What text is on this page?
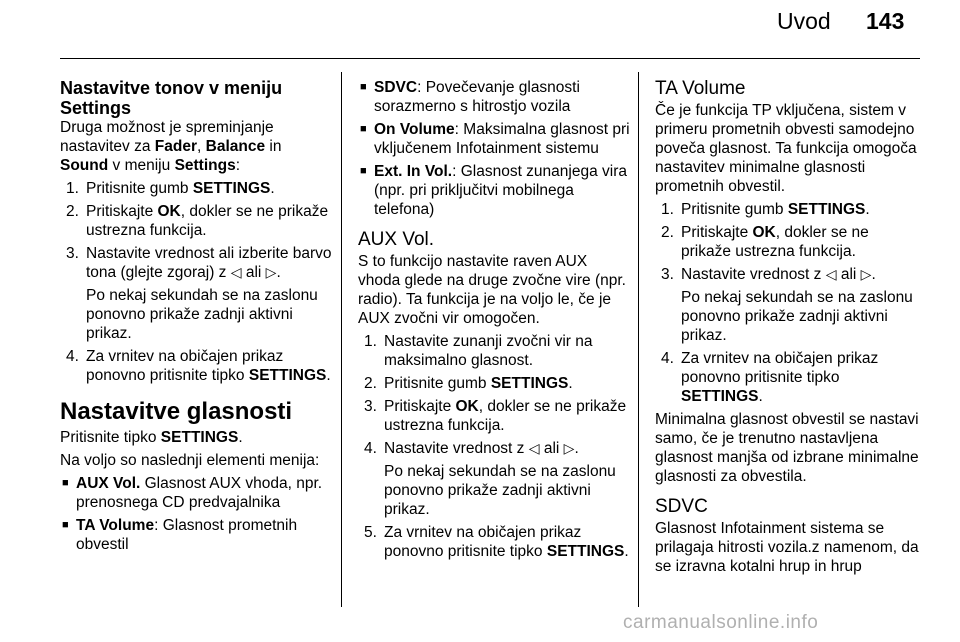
Uvod 143
Nastavitve tonov v meniju Settings

Druga možnost je spreminjanje nastavitev za Fader, Balance in Sound v meniju Settings:

1. Pritisnite gumb SETTINGS.
2. Pritiskajte OK, dokler se ne prikaže ustrezna funkcija.
3. Nastavite vrednost ali izberite barvo tona (glejte zgoraj) z ◁ ali ▷.
Po nekaj sekundah se na zaslonu ponovno prikaže zadnji aktivni prikaz.
4. Za vrnitev na običajen prikaz ponovno pritisnite tipko SETTINGS.
Nastavitve glasnosti

Pritisnite tipko SETTINGS.

Na voljo so naslednji elementi menija:

■ AUX Vol. Glasnost AUX vhoda, npr. prenosnega CD predvajalnika
■ TA Volume: Glasnost prometnih obvestil
■ SDVC: Povečevanje glasnosti sorazmerno s hitrostjo vozila
■ On Volume: Maksimalna glasnost pri vključenem Infotainment sistemu
■ Ext. In Vol.: Glasnost zunanjega vira (npr. pri priključitvi mobilnega telefona)
AUX Vol.

S to funkcijo nastavite raven AUX vhoda glede na druge zvočne vire (npr. radio). Ta funkcija je na voljo le, če je AUX zvočni vir omogočen.

1. Nastavite zunanji zvočni vir na maksimalno glasnost.
2. Pritisnite gumb SETTINGS.
3. Pritiskajte OK, dokler se ne prikaže ustrezna funkcija.
4. Nastavite vrednost z ◁ ali ▷.
Po nekaj sekundah se na zaslonu ponovno prikaže zadnji aktivni prikaz.
5. Za vrnitev na običajen prikaz ponovno pritisnite tipko SETTINGS.
TA Volume

Če je funkcija TP vključena, sistem v primeru prometnih obvesti samodejno poveča glasnost. Ta funkcija omogoča nastavitev minimalne glasnosti prometnih obvestil.

1. Pritisnite gumb SETTINGS.
2. Pritiskajte OK, dokler se ne prikaže ustrezna funkcija.
3. Nastavite vrednost z ◁ ali ▷.
Po nekaj sekundah se na zaslonu ponovno prikaže zadnji aktivni prikaz.
4. Za vrnitev na običajen prikaz ponovno pritisnite tipko SETTINGS.

Minimalna glasnost obvestil se nastavi samo, če je trenutno nastavljena glasnost manjša od izbrane minimalne glasnosti za obvestila.

SDVC

Glasnost Infotainment sistema se prilagaja hitrosti vozila.z namenom, da se izravna kotalni hrup in hrup

carmanualsonline.info
